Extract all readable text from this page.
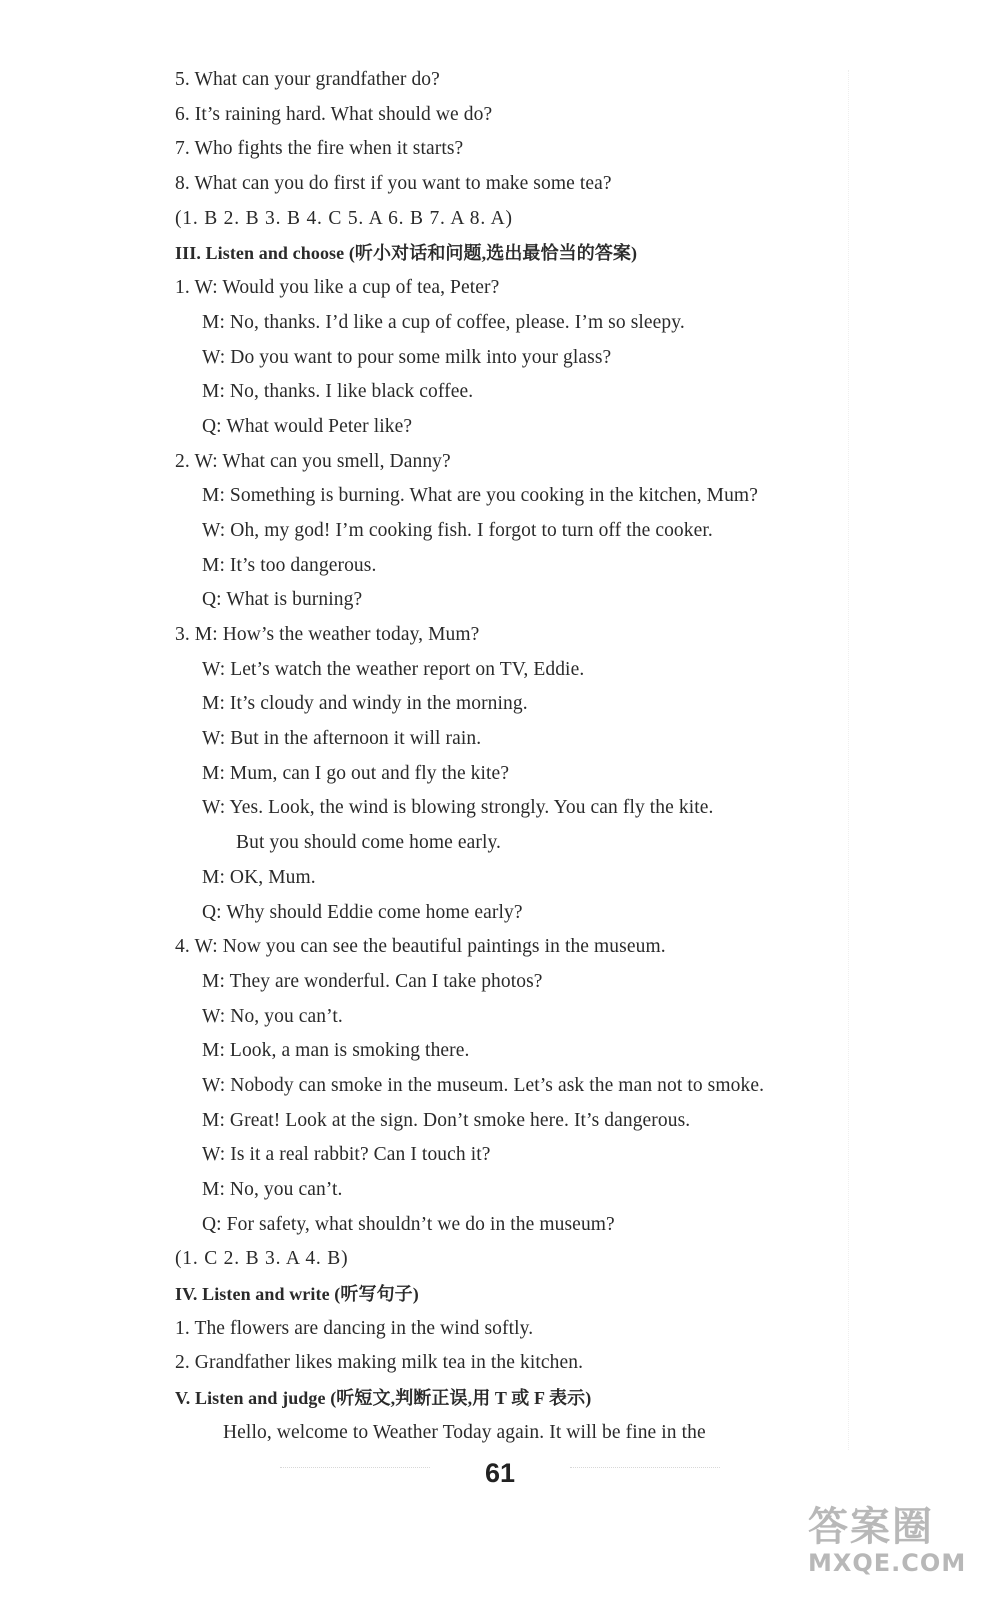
5. What can your grandfather do?
6. It’s raining hard. What should we do?
7. Who fights the fire when it starts?
8. What can you do first if you want to make some tea?
(1. B 2. B 3. B 4. C 5. A 6. B 7. A 8. A)
III. Listen and choose (听小对话和问题,选出最恰当的答案)
1. W: Would you like a cup of tea, Peter?
M: No, thanks. I’d like a cup of coffee, please. I’m so sleepy.
W: Do you want to pour some milk into your glass?
M: No, thanks. I like black coffee.
Q: What would Peter like?
2. W: What can you smell, Danny?
M: Something is burning. What are you cooking in the kitchen, Mum?
W: Oh, my god! I’m cooking fish. I forgot to turn off the cooker.
M: It’s too dangerous.
Q: What is burning?
3. M: How’s the weather today, Mum?
W: Let’s watch the weather report on TV, Eddie.
M: It’s cloudy and windy in the morning.
W: But in the afternoon it will rain.
M: Mum, can I go out and fly the kite?
W: Yes. Look, the wind is blowing strongly. You can fly the kite.
But you should come home early.
M: OK, Mum.
Q: Why should Eddie come home early?
4. W: Now you can see the beautiful paintings in the museum.
M: They are wonderful. Can I take photos?
W: No, you can’t.
M: Look, a man is smoking there.
W: Nobody can smoke in the museum. Let’s ask the man not to smoke.
M: Great! Look at the sign. Don’t smoke here. It’s dangerous.
W: Is it a real rabbit? Can I touch it?
M: No, you can’t.
Q: For safety, what shouldn’t we do in the museum?
(1. C 2. B 3. A 4. B)
IV. Listen and write (听写句子)
1. The flowers are dancing in the wind softly.
2. Grandfather likes making milk tea in the kitchen.
V. Listen and judge (听短文,判断正误,用 T 或 F 表示)
Hello, welcome to Weather Today again. It will be fine in the
61
答案圈
MXQE.COM
